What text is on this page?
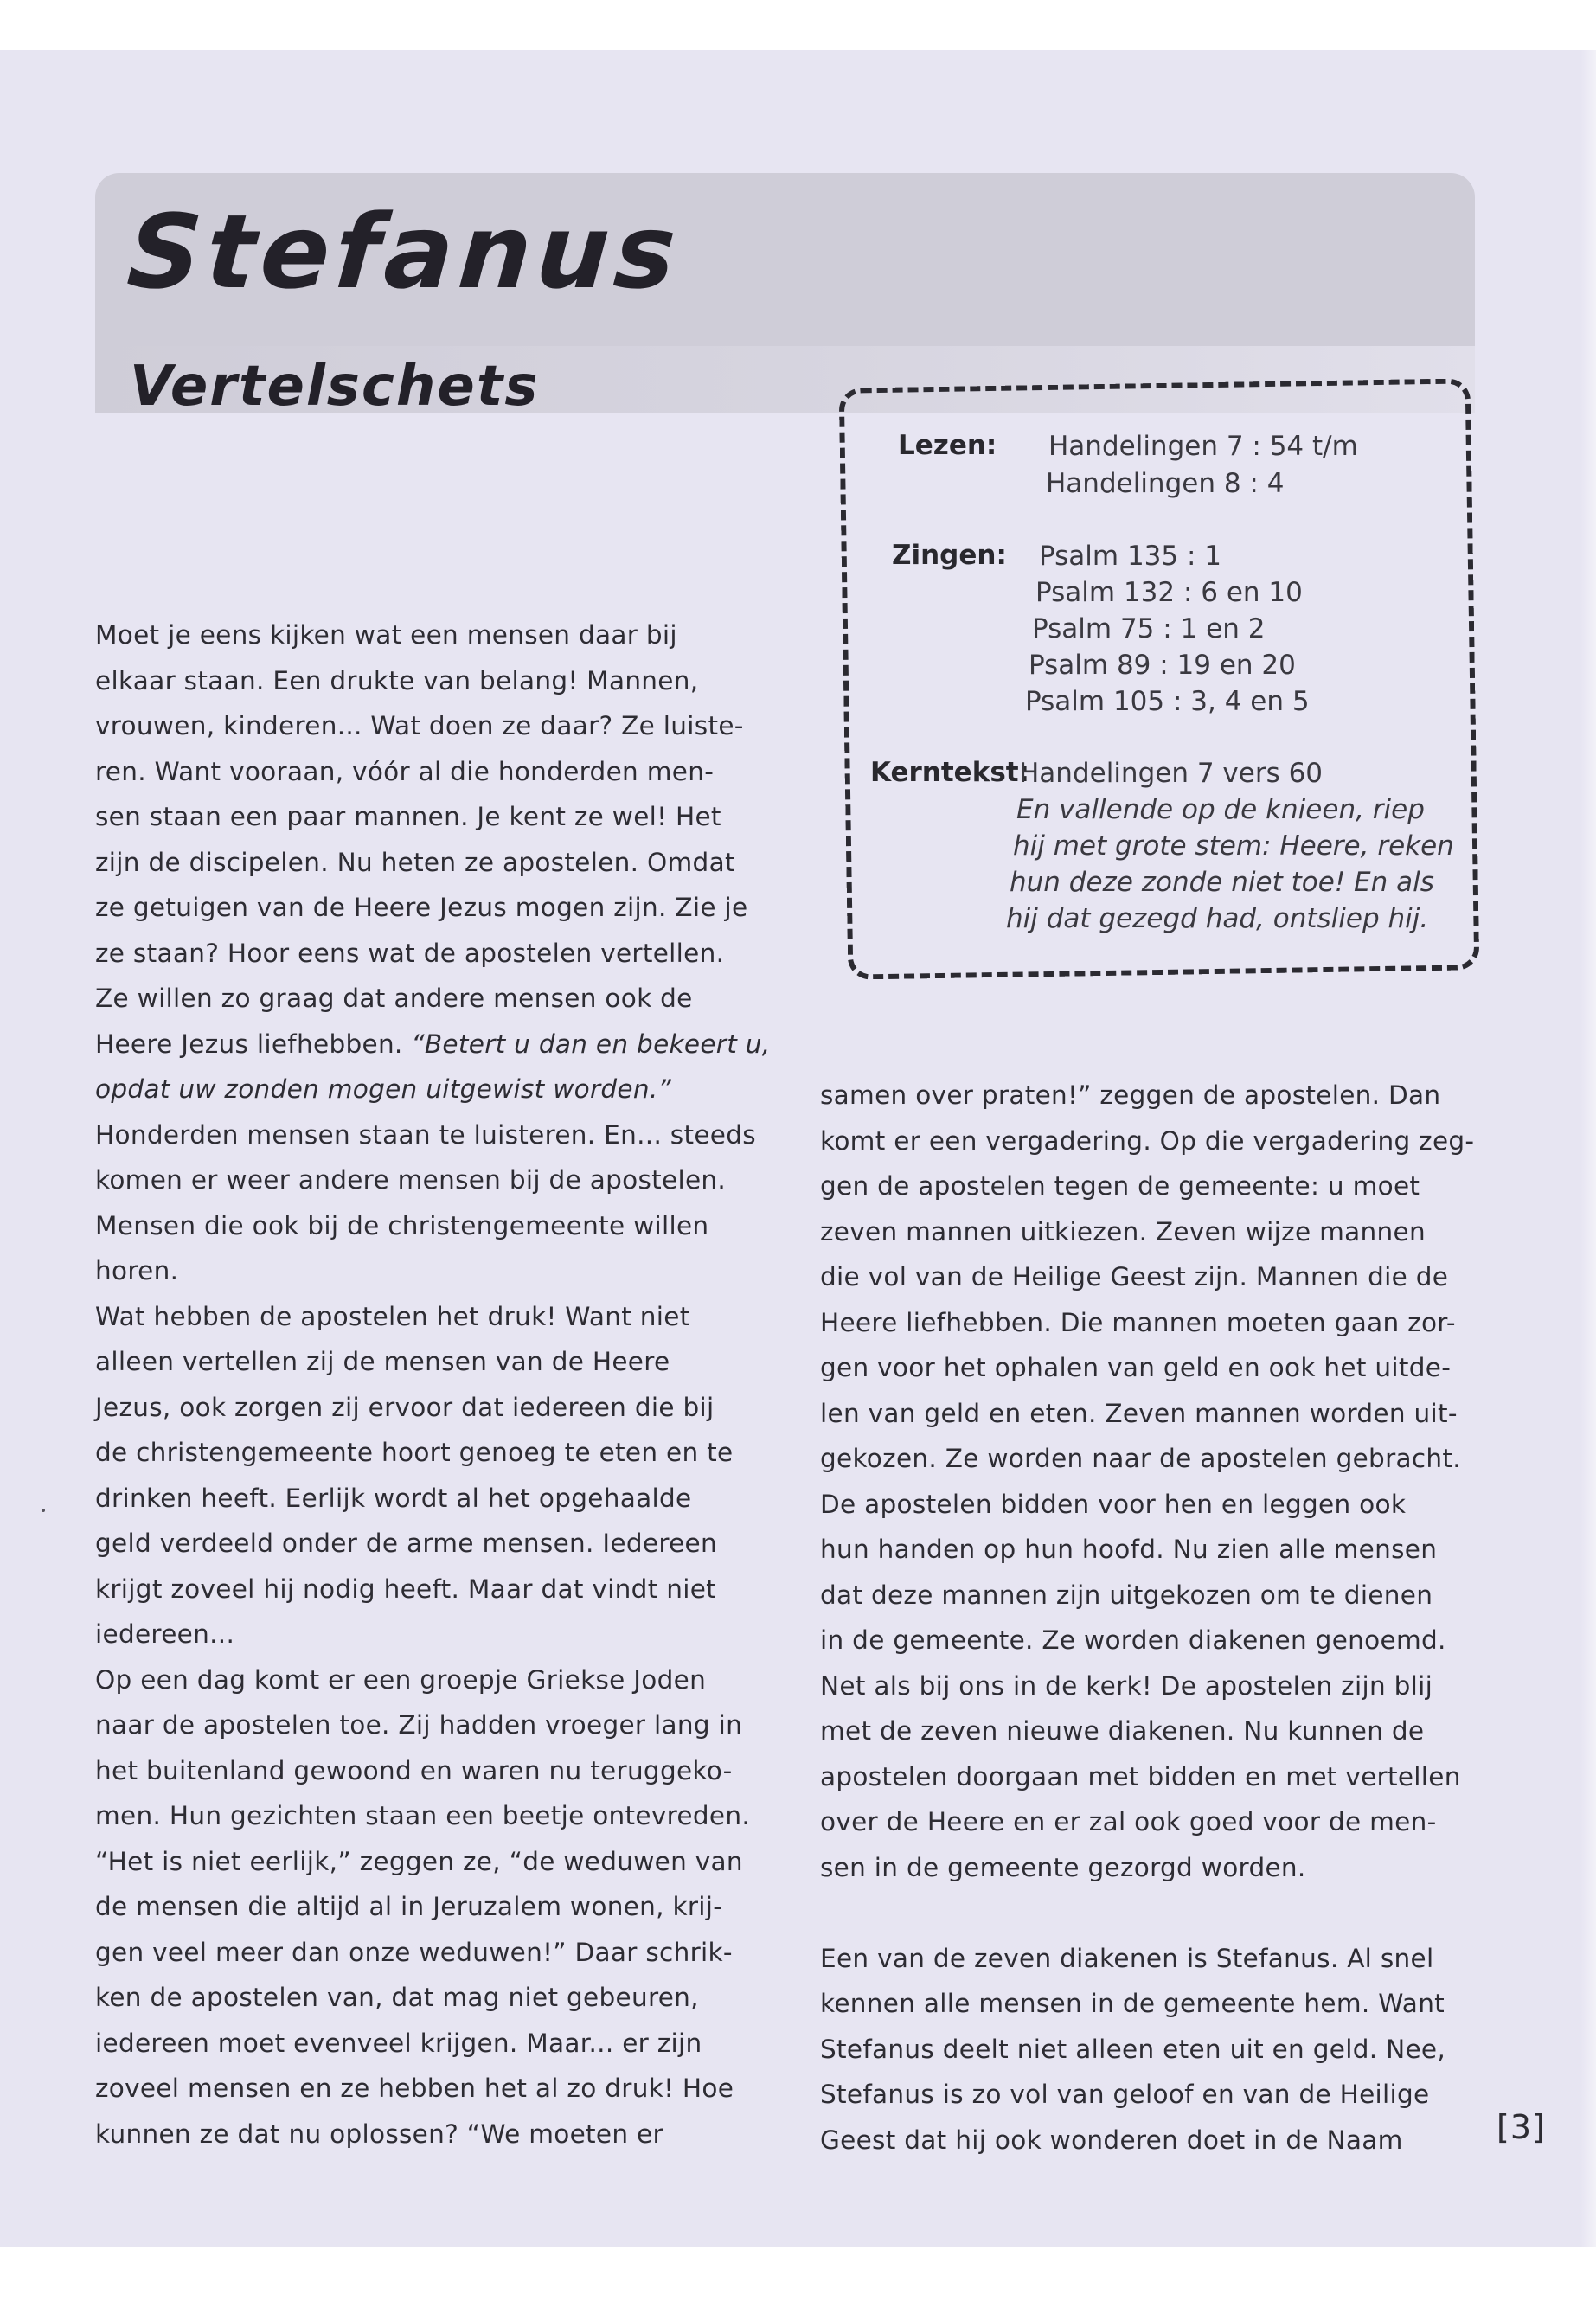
Stefanus
Vertelschets
Lezen: Handelingen 7 : 54 t/m
Handelingen 8 : 4
Zingen: Psalm 135 : 1
Psalm 132 : 6 en 10
Psalm 75 : 1 en 2
Psalm 89 : 19 en 20
Psalm 105 : 3, 4 en 5
Kerntekst:
Handelingen 7 vers 60
En vallende op de knieen, riep
hij met grote stem: Heere, reken
hun deze zonde niet toe! En als
hij dat gezegd had, ontsliep hij.
Moet je eens kijken wat een mensen daar bij
elkaar staan. Een drukte van belang! Mannen,
vrouwen, kinderen... Wat doen ze daar? Ze luiste-
ren. Want vooraan, vóór al die honderden men-
sen staan een paar mannen. Je kent ze wel! Het
zijn de discipelen. Nu heten ze apostelen. Omdat
ze getuigen van de Heere Jezus mogen zijn. Zie je
ze staan? Hoor eens wat de apostelen vertellen.
Ze willen zo graag dat andere mensen ook de
Heere Jezus liefhebben. “Betert u dan en bekeert u,
opdat uw zonden mogen uitgewist worden.”
Honderden mensen staan te luisteren. En... steeds
komen er weer andere mensen bij de apostelen.
Mensen die ook bij de christengemeente willen
horen.
Wat hebben de apostelen het druk! Want niet
alleen vertellen zij de mensen van de Heere
Jezus, ook zorgen zij ervoor dat iedereen die bij
de christengemeente hoort genoeg te eten en te
drinken heeft. Eerlijk wordt al het opgehaalde
geld verdeeld onder de arme mensen. Iedereen
krijgt zoveel hij nodig heeft. Maar dat vindt niet
iedereen...
Op een dag komt er een groepje Griekse Joden
naar de apostelen toe. Zij hadden vroeger lang in
het buitenland gewoond en waren nu teruggeko-
men. Hun gezichten staan een beetje ontevreden.
“Het is niet eerlijk,” zeggen ze, “de weduwen van
de mensen die altijd al in Jeruzalem wonen, krij-
gen veel meer dan onze weduwen!” Daar schrik-
ken de apostelen van, dat mag niet gebeuren,
iedereen moet evenveel krijgen. Maar... er zijn
zoveel mensen en ze hebben het al zo druk! Hoe
kunnen ze dat nu oplossen? “We moeten er
samen over praten!” zeggen de apostelen. Dan
komt er een vergadering. Op die vergadering zeg-
gen de apostelen tegen de gemeente: u moet
zeven mannen uitkiezen. Zeven wijze mannen
die vol van de Heilige Geest zijn. Mannen die de
Heere liefhebben. Die mannen moeten gaan zor-
gen voor het ophalen van geld en ook het uitde-
len van geld en eten. Zeven mannen worden uit-
gekozen. Ze worden naar de apostelen gebracht.
De apostelen bidden voor hen en leggen ook
hun handen op hun hoofd. Nu zien alle mensen
dat deze mannen zijn uitgekozen om te dienen
in de gemeente. Ze worden diakenen genoemd.
Net als bij ons in de kerk! De apostelen zijn blij
met de zeven nieuwe diakenen. Nu kunnen de
apostelen doorgaan met bidden en met vertellen
over de Heere en er zal ook goed voor de men-
sen in de gemeente gezorgd worden.
Een van de zeven diakenen is Stefanus. Al snel
kennen alle mensen in de gemeente hem. Want
Stefanus deelt niet alleen eten uit en geld. Nee,
Stefanus is zo vol van geloof en van de Heilige
Geest dat hij ook wonderen doet in de Naam	[3]
